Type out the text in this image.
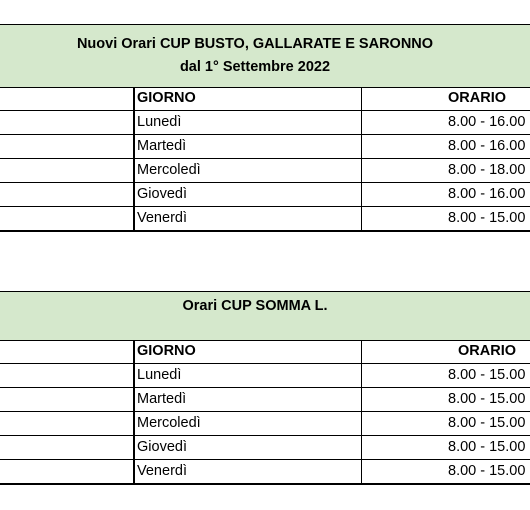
Nuovi Orari CUP BUSTO, GALLARATE E SARONNO
dal 1° Settembre 2022
GIORNO	ORARIO
Lunedì	8.00 - 16.00
Martedì	8.00 - 16.00
Mercoledì	8.00 - 18.00
Giovedì	8.00 - 16.00
Venerdì	8.00 - 15.00
Orari CUP SOMMA L.
GIORNO	ORARIO
Lunedì	8.00 - 15.00
Martedì	8.00 - 15.00
Mercoledì	8.00 - 15.00
Giovedì	8.00 - 15.00
Venerdì	8.00 - 15.00
